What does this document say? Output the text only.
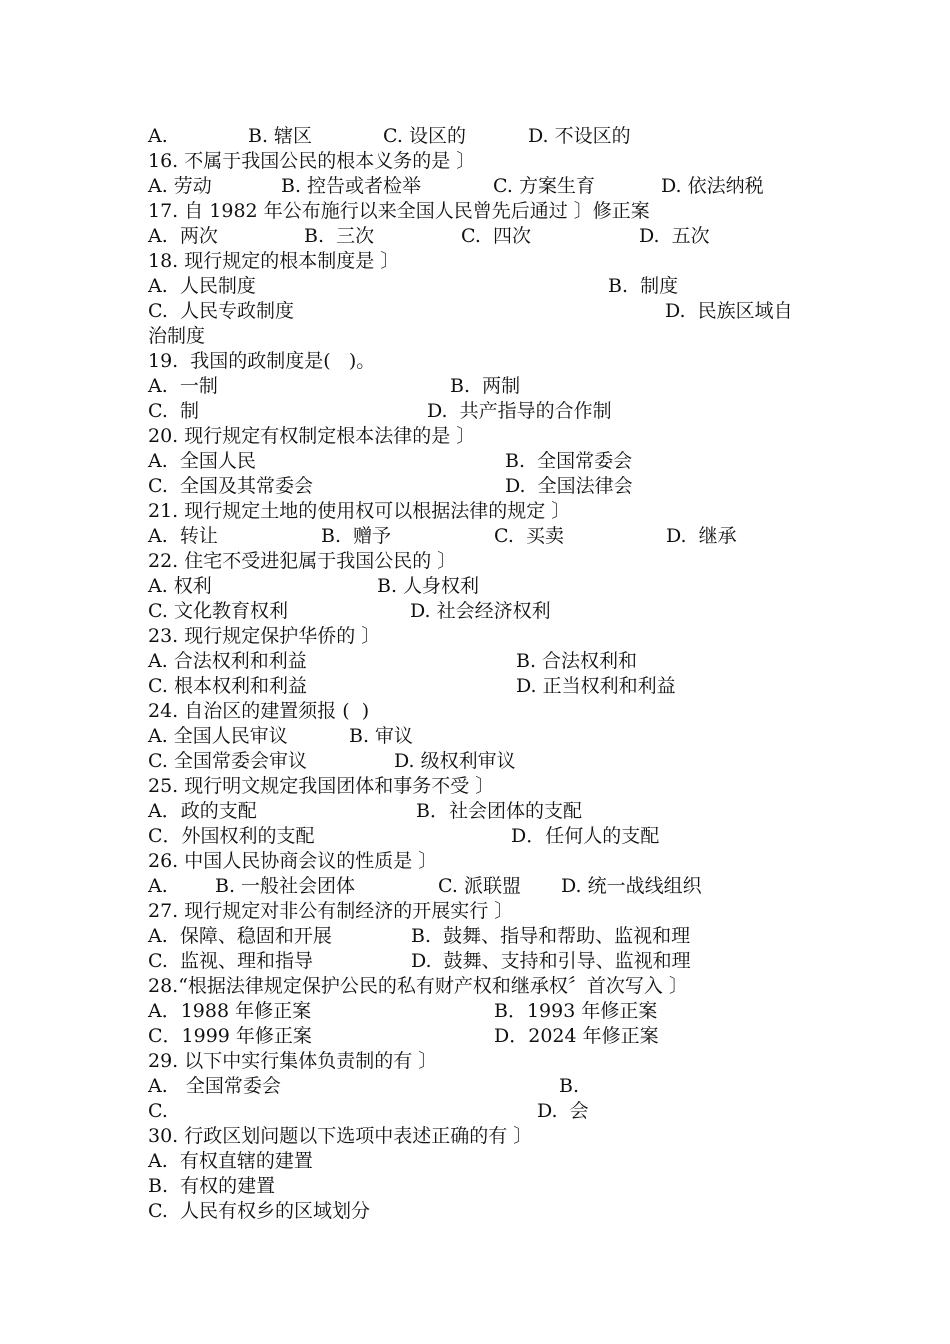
A.

	B. 辖区

	C. 设区的

	D. 不设区的

16. 不属于我国公民的根本义务的是 〕

A. 劳动

	B. 控告或者检举

	C. 方案生育

	D. 依法纳税

17. 自 1982 年公布施行以来全国人民曾先后通过 〕修正案

A.  两次

	B.  三次

	C.  四次

	D.  五次

18. 现行规定的根本制度是 〕

A.  人民制度

	B.  制度

C.  人民专政制度

	D.  民族区域自

治制度

19.  我国的政制度是(   )。

A.  一制

	B.  两制

C.  制

	D.  共产指导的合作制

20. 现行规定有权制定根本法律的是 〕

A.  全国人民

	B.  全国常委会

C.  全国及其常委会

	D.  全国法律会

21. 现行规定土地的使用权可以根据法律的规定 〕

A.  转让

	B.  赠予

	C.  买卖

	D.  继承

22. 住宅不受进犯属于我国公民的 〕

A. 权利

	B. 人身权利

C. 文化教育权利

	D. 社会经济权利

23. 现行规定保护华侨的 〕

A. 合法权利和利益

	B. 合法权利和

C. 根本权利和利益

	D. 正当权利和利益

24. 自治区的建置须报 (  )

A. 全国人民审议

	B. 审议

C. 全国常委会审议

	D. 级权利审议

25. 现行明文规定我国团体和事务不受 〕

A．政的支配

	B．社会团体的支配

C．外国权利的支配

	D．任何人的支配

26. 中国人民协商会议的性质是 〕

A.

B. 一般社会团体

	C. 派联盟

D. 统一战线组织

27. 现行规定对非公有制经济的开展实行 〕

A.  保障、稳固和开展

	B.  鼓舞、指导和帮助、监视和理

C.  监视、理和指导

	D.  鼓舞、支持和引导、监视和理

28.“根据法律规定保护公民的私有财产权和继承权〞首次写入 〕

A．1988 年修正案

	B．1993 年修正案

C．1999 年修正案

	D．2024 年修正案

29. 以下中实行集体负责制的有 〕

A.   全国常委会

	B.

C.

	D.  会

30. 行政区划问题以下选项中表述正确的有 〕

A.  有权直辖的建置

B.  有权的建置

C.  人民有权乡的区域划分
